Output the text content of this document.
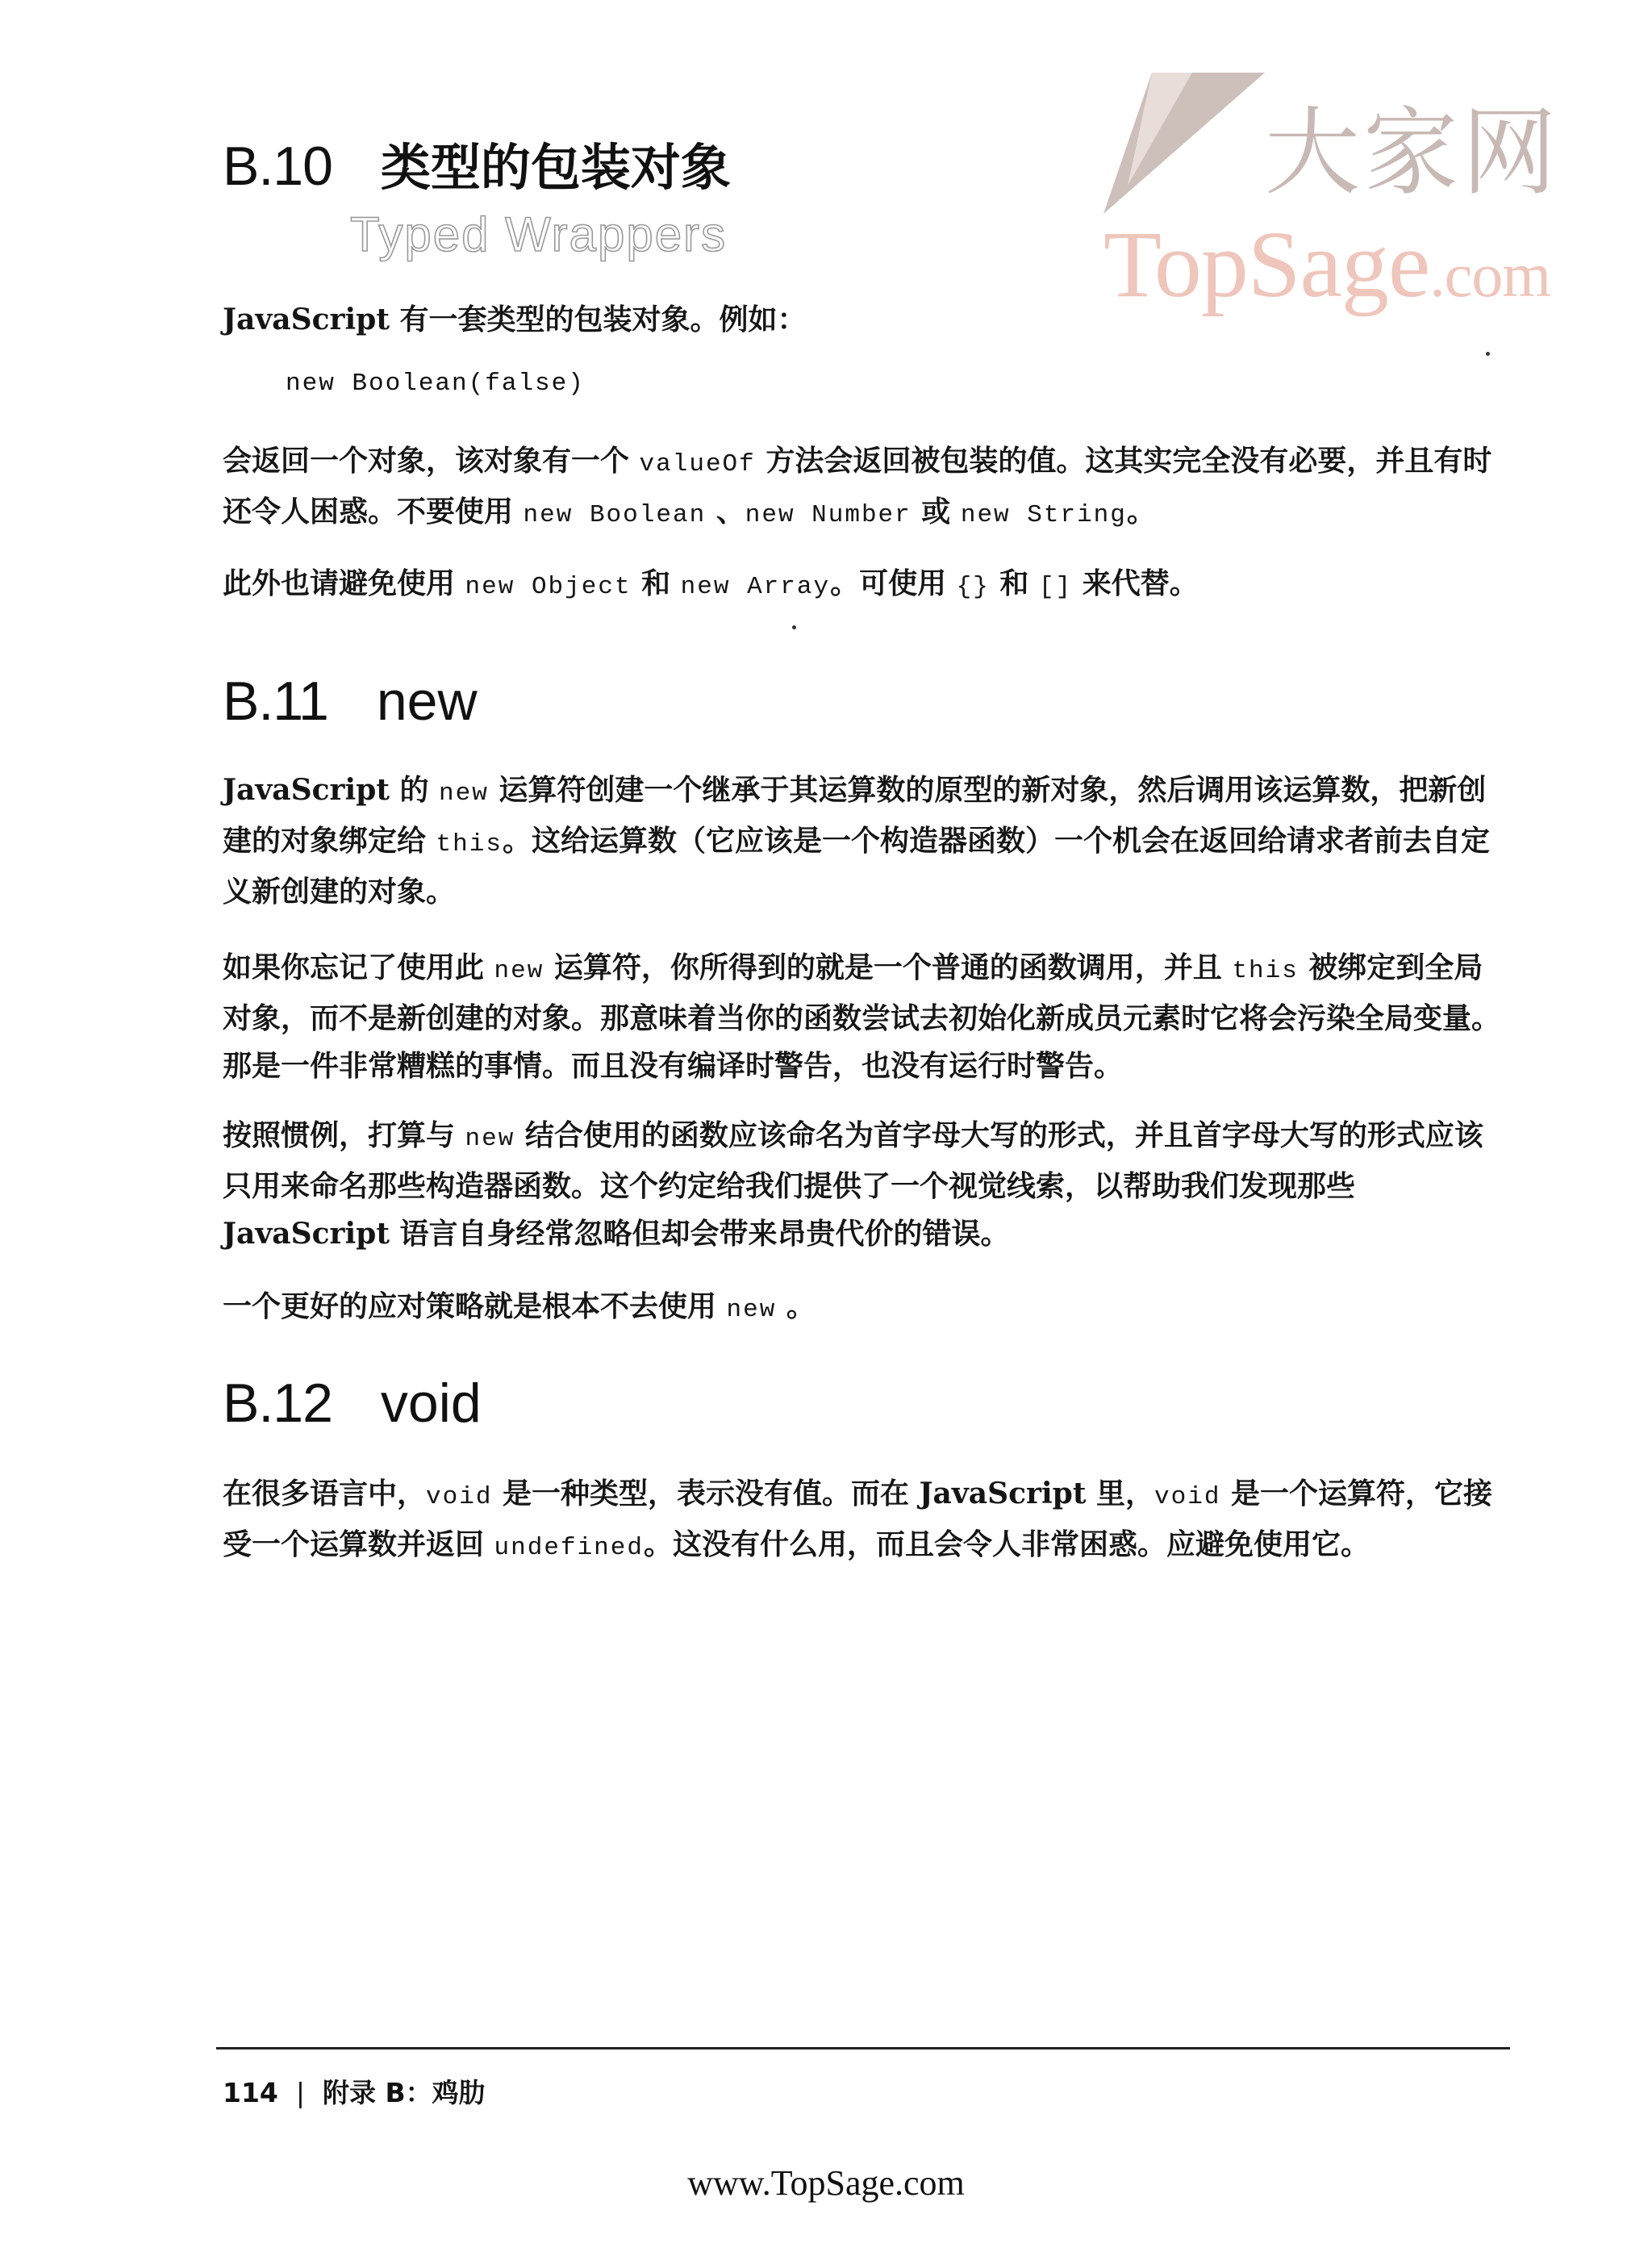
大家网
TopSage.com
B.10 类型的包装对象
Typed Wrappers

JavaScript 有一套类型的包装对象。例如：

new Boolean(false)

会返回一个对象，该对象有一个 valueOf 方法会返回被包装的值。这其实完全没有必要，并且有时还令人困惑。不要使用 new Boolean 、new Number 或 new String。

此外也请避免使用 new Object 和 new Array。可使用 {} 和 [] 来代替。

B.11 new

JavaScript 的 new 运算符创建一个继承于其运算数的原型的新对象，然后调用该运算数，把新创建的对象绑定给 this。这给运算数（它应该是一个构造器函数）一个机会在返回给请求者前去自定义新创建的对象。

如果你忘记了使用此 new 运算符，你所得到的就是一个普通的函数调用，并且 this 被绑定到全局对象，而不是新创建的对象。那意味着当你的函数尝试去初始化新成员元素时它将会污染全局变量。那是一件非常糟糕的事情。而且没有编译时警告，也没有运行时警告。

按照惯例，打算与 new 结合使用的函数应该命名为首字母大写的形式，并且首字母大写的形式应该只用来命名那些构造器函数。这个约定给我们提供了一个视觉线索，以帮助我们发现那些 JavaScript 语言自身经常忽略但却会带来昂贵代价的错误。

一个更好的应对策略就是根本不去使用 new 。

B.12 void

在很多语言中，void 是一种类型，表示没有值。而在 JavaScript 里，void 是一个运算符，它接受一个运算数并返回 undefined。这没有什么用，而且会令人非常困惑。应避免使用它。

114 | 附录 B：鸡肋
www.TopSage.com
